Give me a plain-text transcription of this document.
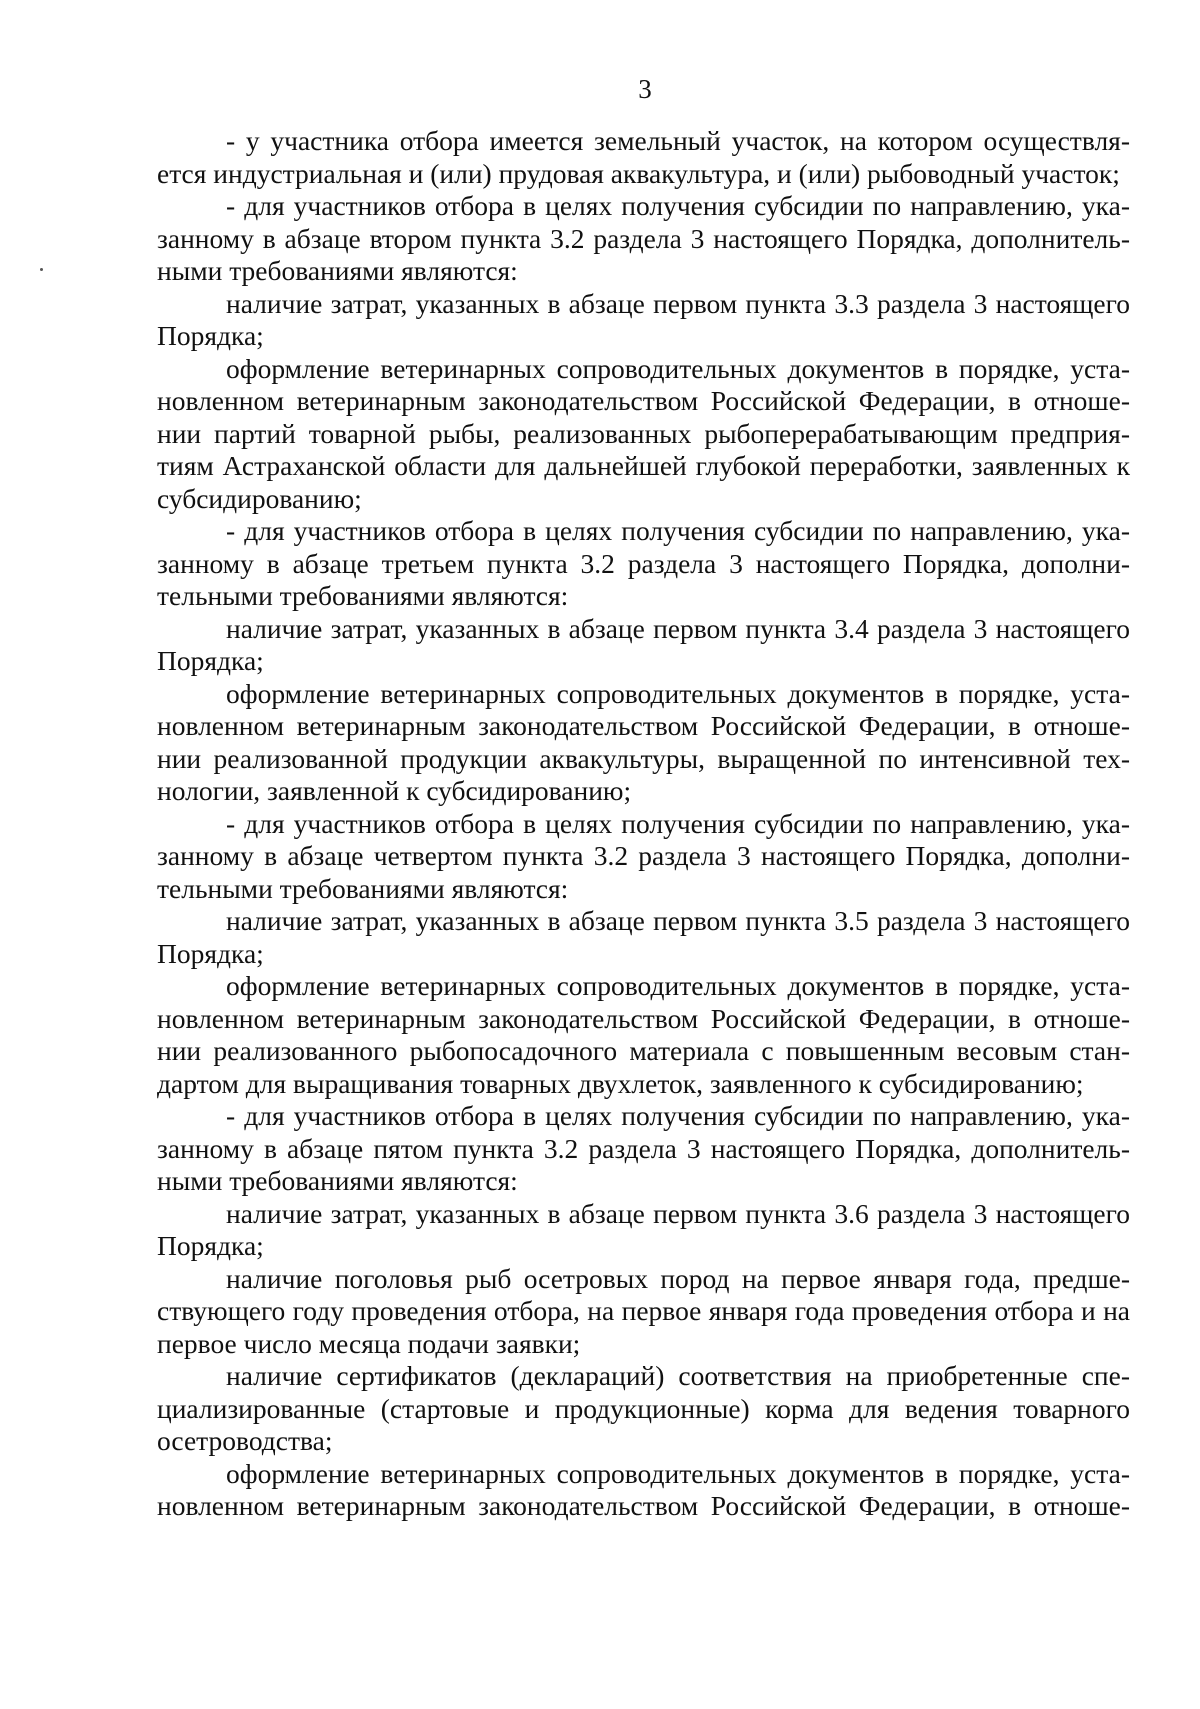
3

- у участника отбора имеется земельный участок, на котором осуществляется индустриальная и (или) прудовая аквакультура, и (или) рыбоводный участок;

- для участников отбора в целях получения субсидии по направлению, указанному в абзаце втором пункта 3.2 раздела 3 настоящего Порядка, дополнительными требованиями являются:

наличие затрат, указанных в абзаце первом пункта 3.3 раздела 3 настоящего Порядка;

оформление ветеринарных сопроводительных документов в порядке, установленном ветеринарным законодательством Российской Федерации, в отношении партий товарной рыбы, реализованных рыбоперерабатывающим предприятиям Астраханской области для дальнейшей глубокой переработки, заявленных к субсидированию;

- для участников отбора в целях получения субсидии по направлению, указанному в абзаце третьем пункта 3.2 раздела 3 настоящего Порядка, дополнительными требованиями являются:

наличие затрат, указанных в абзаце первом пункта 3.4 раздела 3 настоящего Порядка;

оформление ветеринарных сопроводительных документов в порядке, установленном ветеринарным законодательством Российской Федерации, в отношении реализованной продукции аквакультуры, выращенной по интенсивной технологии, заявленной к субсидированию;

- для участников отбора в целях получения субсидии по направлению, указанному в абзаце четвертом пункта 3.2 раздела 3 настоящего Порядка, дополнительными требованиями являются:

наличие затрат, указанных в абзаце первом пункта 3.5 раздела 3 настоящего Порядка;

оформление ветеринарных сопроводительных документов в порядке, установленном ветеринарным законодательством Российской Федерации, в отношении реализованного рыбопосадочного материала с повышенным весовым стандартом для выращивания товарных двухлеток, заявленного к субсидированию;

- для участников отбора в целях получения субсидии по направлению, указанному в абзаце пятом пункта 3.2 раздела 3 настоящего Порядка, дополнительными требованиями являются:

наличие затрат, указанных в абзаце первом пункта 3.6 раздела 3 настоящего Порядка;

наличие поголовья рыб осетровых пород на первое января года, предшествующего году проведения отбора, на первое января года проведения отбора и на первое число месяца подачи заявки;

наличие сертификатов (деклараций) соответствия на приобретенные специализированные (стартовые и продукционные) корма для ведения товарного осетроводства;

оформление ветеринарных сопроводительных документов в порядке, установленном ветеринарным законодательством Российской Федерации, в отноше-
